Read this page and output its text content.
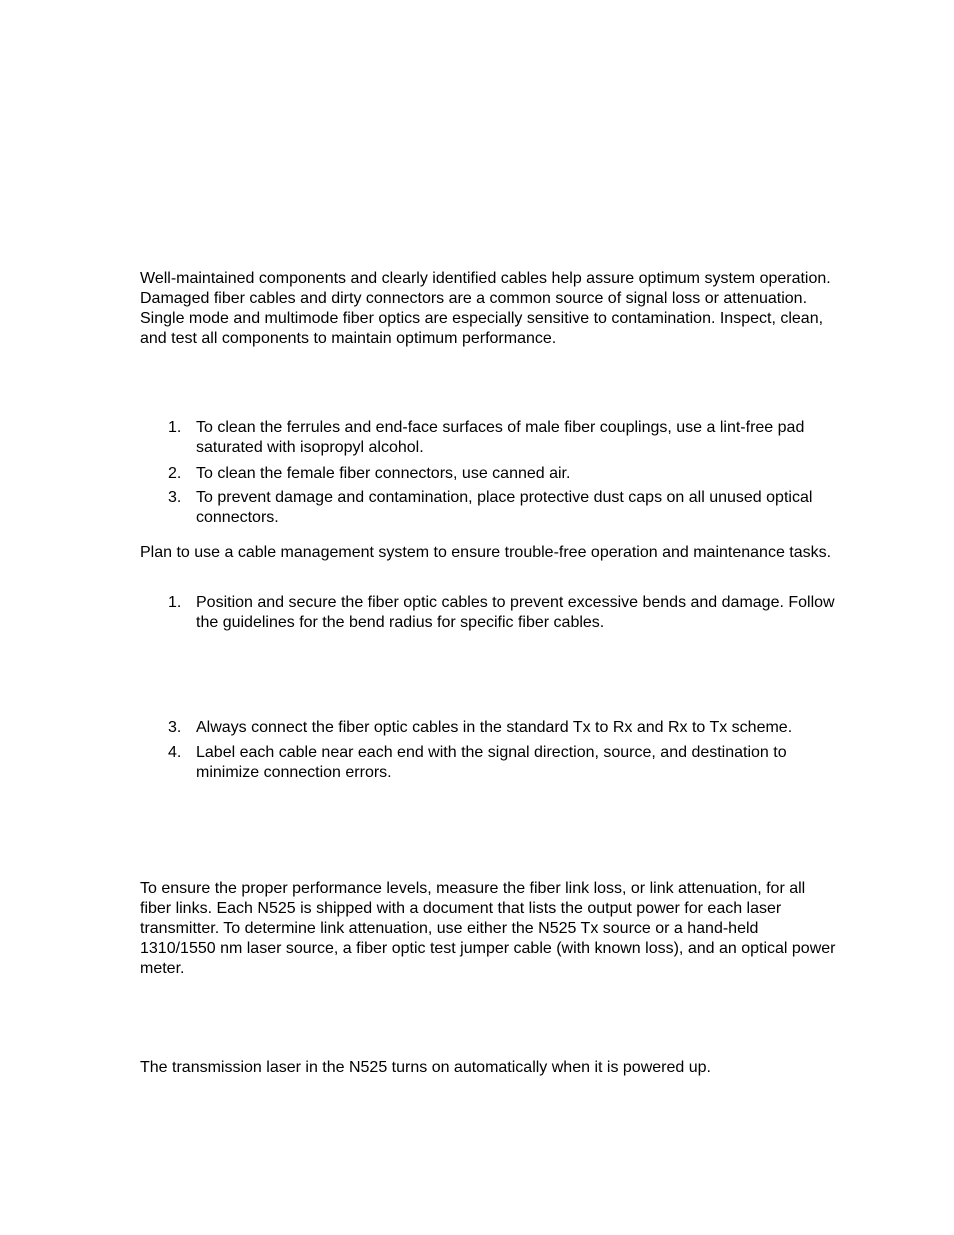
Well-maintained components and clearly identified cables help assure optimum system operation. Damaged fiber cables and dirty connectors are a common source of signal loss or attenuation. Single mode and multimode fiber optics are especially sensitive to contamination. Inspect, clean, and test all components to maintain optimum performance.

1. To clean the ferrules and end-face surfaces of male fiber couplings, use a lint-free pad saturated with isopropyl alcohol.
2. To clean the female fiber connectors, use canned air.
3. To prevent damage and contamination, place protective dust caps on all unused optical connectors.

Plan to use a cable management system to ensure trouble-free operation and maintenance tasks.

1. Position and secure the fiber optic cables to prevent excessive bends and damage. Follow the guidelines for the bend radius for specific fiber cables.
3. Always connect the fiber optic cables in the standard Tx to Rx and Rx to Tx scheme.
4. Label each cable near each end with the signal direction, source, and destination to minimize connection errors.

To ensure the proper performance levels, measure the fiber link loss, or link attenuation, for all fiber links. Each N525 is shipped with a document that lists the output power for each laser transmitter. To determine link attenuation, use either the N525 Tx source or a hand-held 1310/1550 nm laser source, a fiber optic test jumper cable (with known loss), and an optical power meter.

The transmission laser in the N525 turns on automatically when it is powered up.
